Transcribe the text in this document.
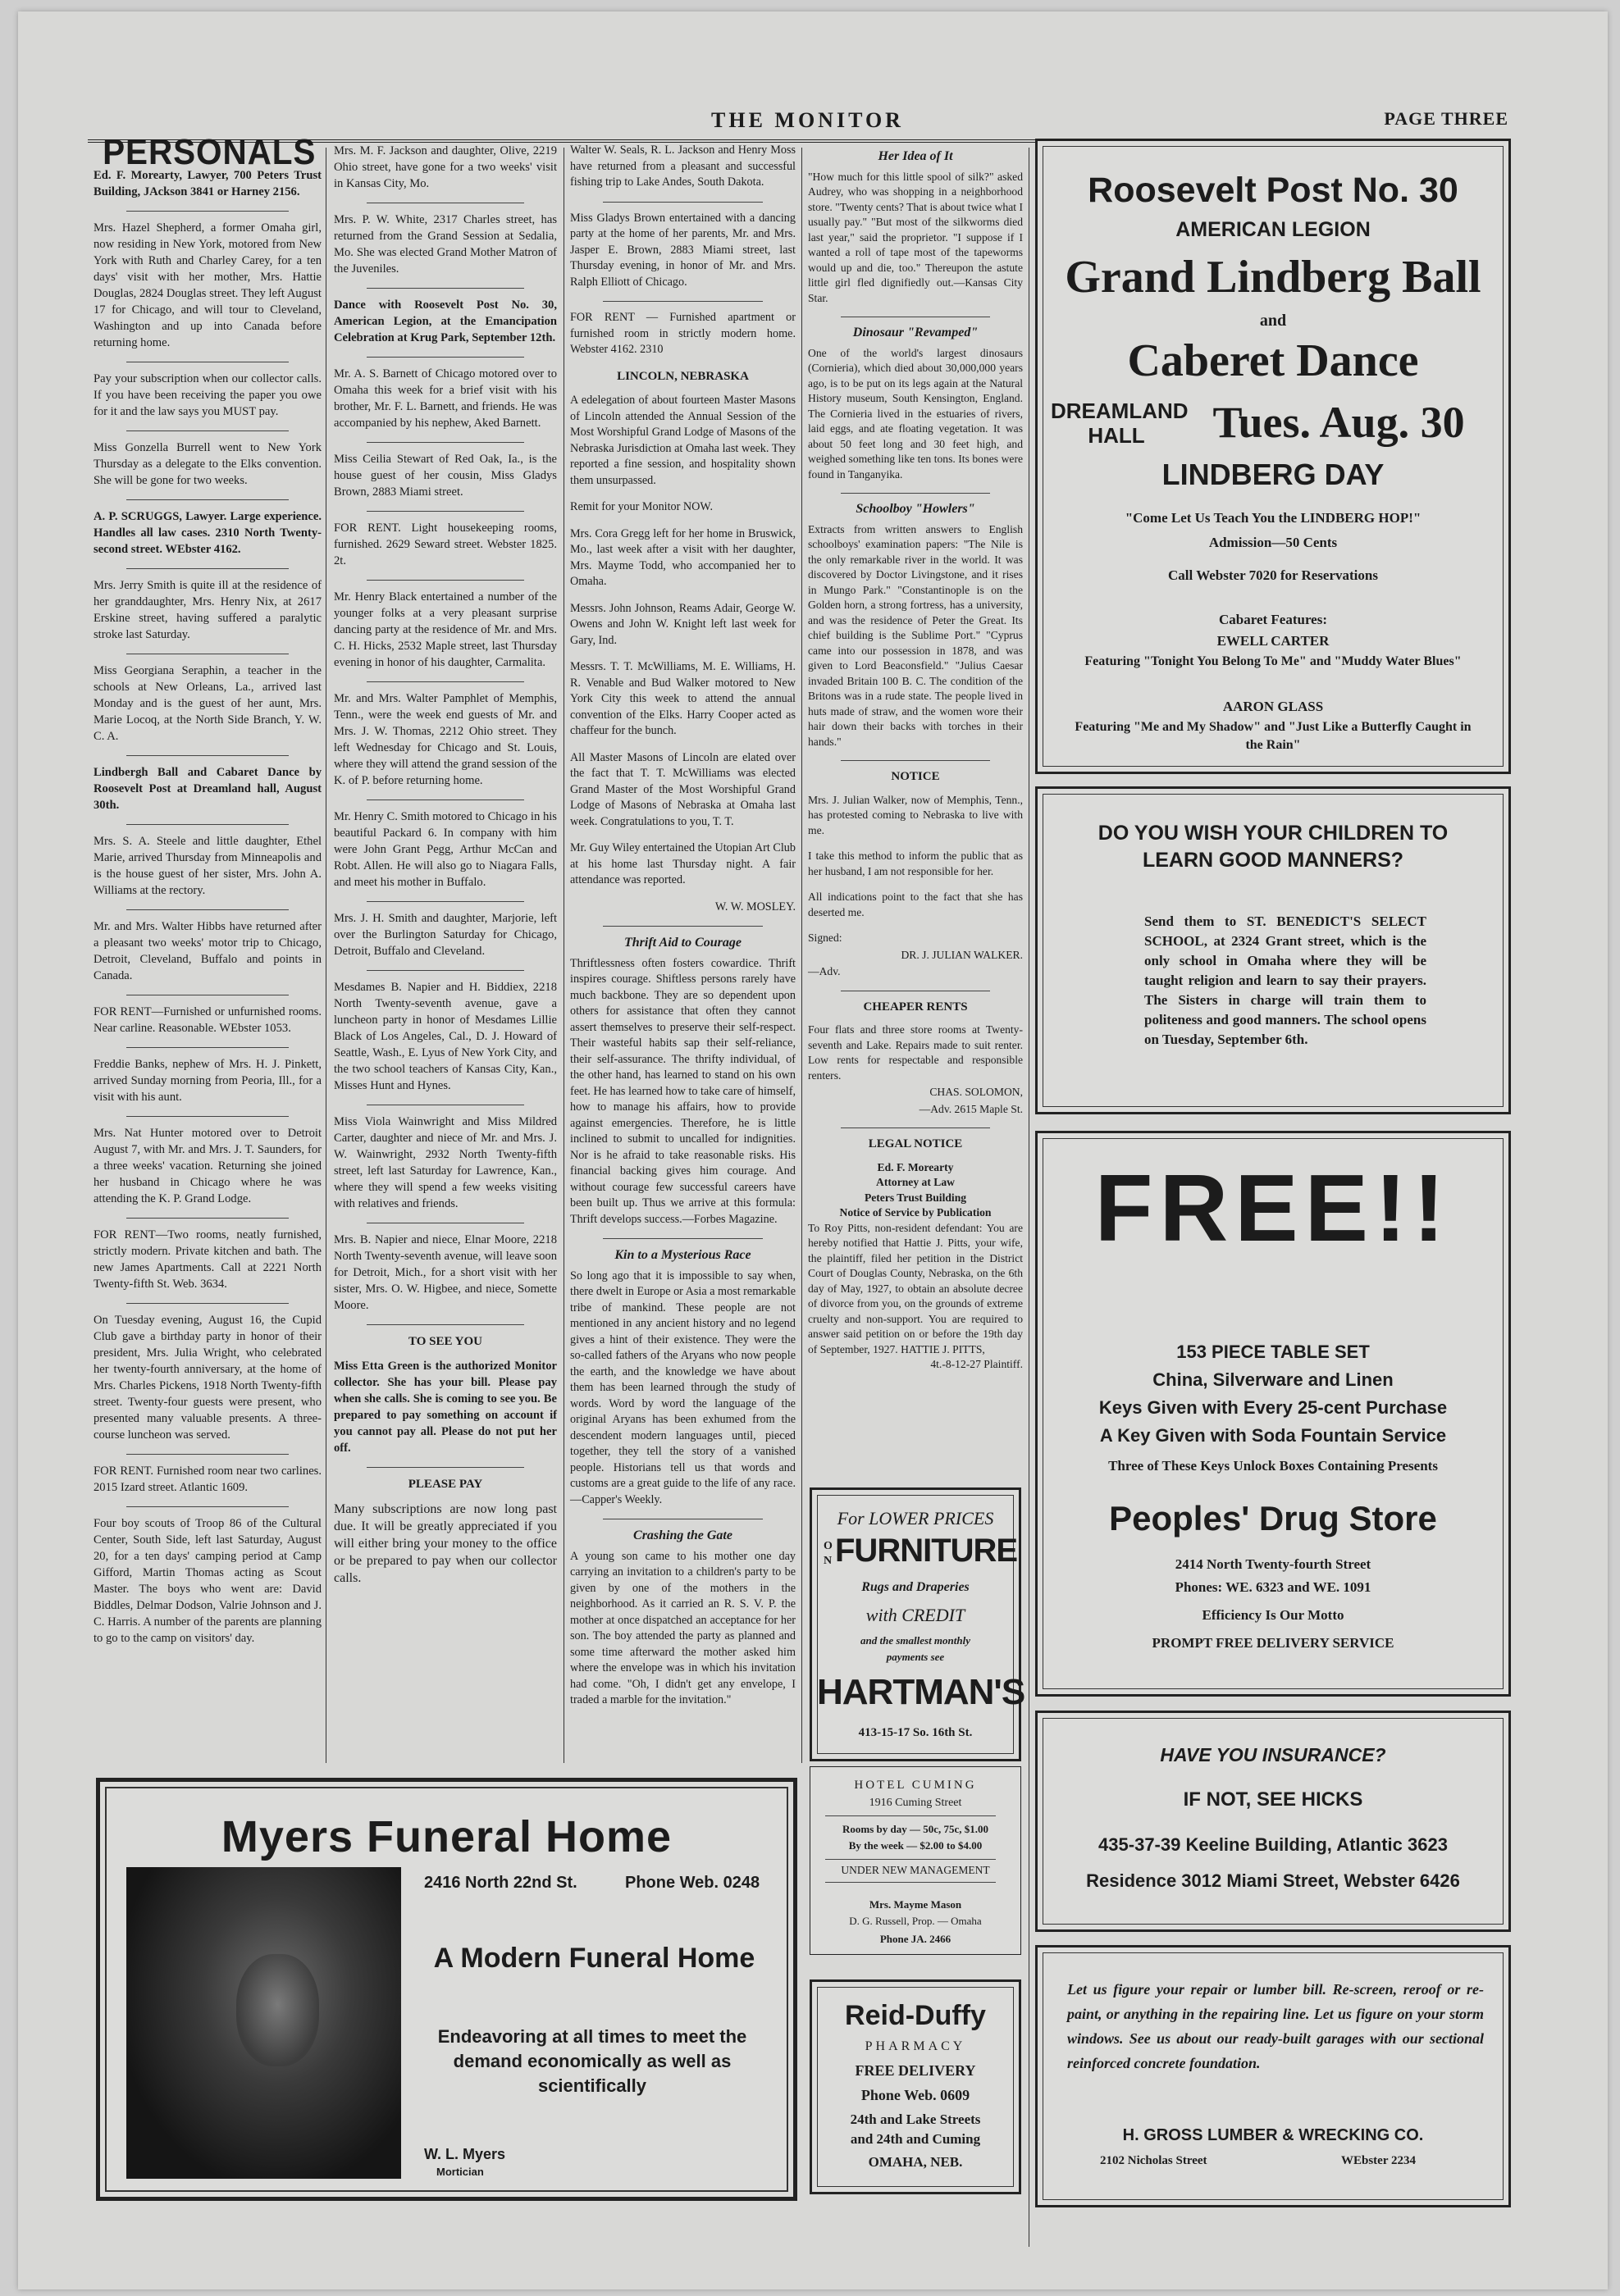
THE MONITOR	PAGE THREE
PERSONALS

Ed. F. Morearty, Lawyer, 700 Peters Trust Building, JAckson 3841 or Harney 2156.

Mrs. Hazel Shepherd, a former Omaha girl, now residing in New York, motored from New York with Ruth and Charley Carey, for a ten days' visit with her mother, Mrs. Hattie Douglas, 2824 Douglas street. They left August 17 for Chicago, and will tour to Cleveland, Washington and up into Canada before returning home.

Pay your subscription when our collector calls. If you have been receiving the paper you owe for it and the law says you MUST pay.

Miss Gonzella Burrell went to New York Thursday as a delegate to the Elks convention. She will be gone for two weeks.

A. P. SCRUGGS, Lawyer. Large experience. Handles all law cases. 2310 North Twenty-second street. WEbster 4162.

Mrs. Jerry Smith is quite ill at the residence of her granddaughter, Mrs. Henry Nix, at 2617 Erskine street, having suffered a paralytic stroke last Saturday.

Miss Georgiana Seraphin, a teacher in the schools at New Orleans, La., arrived last Monday and is the guest of her aunt, Mrs. Marie Locoq, at the North Side Branch, Y. W. C. A.

Lindbergh Ball and Cabaret Dance by Roosevelt Post at Dreamland hall, August 30th.

Mrs. S. A. Steele and little daughter, Ethel Marie, arrived Thursday from Minneapolis and is the house guest of her sister, Mrs. John A. Williams at the rectory.

Mr. and Mrs. Walter Hibbs have returned after a pleasant two weeks' motor trip to Chicago, Detroit, Cleveland, Buffalo and points in Canada.

FOR RENT—Furnished or unfurnished rooms. Near carline. Reasonable. WEbster 1053.

Freddie Banks, nephew of Mrs. H. J. Pinkett, arrived Sunday morning from Peoria, Ill., for a visit with his aunt.

Mrs. Nat Hunter motored over to Detroit August 7, with Mr. and Mrs. J. T. Saunders, for a three weeks' vacation. Returning she joined her husband in Chicago where he was attending the K. P. Grand Lodge.

FOR RENT—Two rooms, neatly furnished, strictly modern. Private kitchen and bath. The new James Apartments. Call at 2221 North Twenty-fifth St. Web. 3634.

On Tuesday evening, August 16, the Cupid Club gave a birthday party in honor of their president, Mrs. Julia Wright, who celebrated her twenty-fourth anniversary, at the home of Mrs. Charles Pickens, 1918 North Twenty-fifth street. Twenty-four guests were present, who presented many valuable presents. A three-course luncheon was served.

FOR RENT. Furnished room near two carlines. 2015 Izard street. Atlantic 1609.

Four boy scouts of Troop 86 of the Cultural Center, South Side, left last Saturday, August 20, for a ten days' camping period at Camp Gifford, Martin Thomas acting as Scout Master. The boys who went are: David Biddles, Delmar Dodson, Valrie Johnson and J. C. Harris. A number of the parents are planning to go to the camp on visitors' day.

Mrs. M. F. Jackson and daughter, Olive, 2219 Ohio street, have gone for a two weeks' visit in Kansas City, Mo.

Mrs. P. W. White, 2317 Charles street, has returned from the Grand Session at Sedalia, Mo. She was elected Grand Mother Matron of the Juveniles.

Dance with Roosevelt Post No. 30, American Legion, at the Emancipation Celebration at Krug Park, September 12th.

Mr. A. S. Barnett of Chicago motored over to Omaha this week for a brief visit with his brother, Mr. F. L. Barnett, and friends. He was accompanied by his nephew, Aked Barnett.

Miss Ceilia Stewart of Red Oak, Ia., is the house guest of her cousin, Miss Gladys Brown, 2883 Miami street.

FOR RENT. Light housekeeping rooms, furnished. 2629 Seward street. Webster 1825. 2t.

Mr. Henry Black entertained a number of the younger folks at a very pleasant surprise dancing party at the residence of Mr. and Mrs. C. H. Hicks, 2532 Maple street, last Thursday evening in honor of his daughter, Carmalita.

Mr. and Mrs. Walter Pamphlet of Memphis, Tenn., were the week end guests of Mr. and Mrs. J. W. Thomas, 2212 Ohio street. They left Wednesday for Chicago and St. Louis, where they will attend the grand session of the K. of P. before returning home.

Mr. Henry C. Smith motored to Chicago in his beautiful Packard 6. In company with him were John Grant Pegg, Arthur McCan and Robt. Allen. He will also go to Niagara Falls, and meet his mother in Buffalo.

Mrs. J. H. Smith and daughter, Marjorie, left over the Burlington Saturday for Chicago, Detroit, Buffalo and Cleveland.

Mesdames B. Napier and H. Biddiex, 2218 North Twenty-seventh avenue, gave a luncheon party in honor of Mesdames Lillie Black of Los Angeles, Cal., D. J. Howard of Seattle, Wash., E. Lyus of New York City, and the two school teachers of Kansas City, Kan., Misses Hunt and Hynes.

Miss Viola Wainwright and Miss Mildred Carter, daughter and niece of Mr. and Mrs. J. W. Wainwright, 2932 North Twenty-fifth street, left last Saturday for Lawrence, Kan., where they will spend a few weeks visiting with relatives and friends.

Mrs. B. Napier and niece, Elnar Moore, 2218 North Twenty-seventh avenue, will leave soon for Detroit, Mich., for a short visit with her sister, Mrs. O. W. Higbee, and niece, Somette Moore.

TO SEE YOU

Miss Etta Green is the authorized Monitor collector. She has your bill. Please pay when she calls. She is coming to see you. Be prepared to pay something on account if you cannot pay all. Please do not put her off.

PLEASE PAY

Many subscriptions are now long past due. It will be greatly appreciated if you will either bring your money to the office or be prepared to pay when our collector calls.

Walter W. Seals, R. L. Jackson and Henry Moss have returned from a pleasant and successful fishing trip to Lake Andes, South Dakota.

Miss Gladys Brown entertained with a dancing party at the home of her parents, Mr. and Mrs. Jasper E. Brown, 2883 Miami street, last Thursday evening, in honor of Mr. and Mrs. Ralph Elliott of Chicago.

FOR RENT — Furnished apartment or furnished room in strictly modern home. Webster 4162. 2310

LINCOLN, NEBRASKA

A edelegation of about fourteen Master Masons of Lincoln attended the Annual Session of the Most Worshipful Grand Lodge of Masons of the Nebraska Jurisdiction at Omaha last week. They reported a fine session, and hospitality shown them unsurpassed.

Remit for your Monitor NOW.

Mrs. Cora Gregg left for her home in Bruswick, Mo., last week after a visit with her daughter, Mrs. Mayme Todd, who accompanied her to Omaha.

Messrs. John Johnson, Reams Adair, George W. Owens and John W. Knight left last week for Gary, Ind.

Messrs. T. T. McWilliams, M. E. Williams, H. R. Venable and Bud Walker motored to New York City this week to attend the annual convention of the Elks. Harry Cooper acted as chaffeur for the bunch.

All Master Masons of Lincoln are elated over the fact that T. T. McWilliams was elected Grand Master of the Most Worshipful Grand Lodge of Masons of Nebraska at Omaha last week. Congratulations to you, T. T.

Mr. Guy Wiley entertained the Utopian Art Club at his home last Thursday night. A fair attendance was reported.

W. W. MOSLEY.

Thrift Aid to Courage

Thriftlessness often fosters cowardice. Thrift inspires courage. Shiftless persons rarely have much backbone. They are so dependent upon others for assistance that often they cannot assert themselves to preserve their self-respect. Their wasteful habits sap their self-reliance, their self-assurance. The thrifty individual, of the other hand, has learned to stand on his own feet. He has learned how to take care of himself, how to manage his affairs, how to provide against emergencies. Therefore, he is little inclined to submit to uncalled for indignities. Nor is he afraid to take reasonable risks. His financial backing gives him courage. And without courage few successful careers have been built up. Thus we arrive at this formula: Thrift develops success.—Forbes Magazine.

Kin to a Mysterious Race

So long ago that it is impossible to say when, there dwelt in Europe or Asia a most remarkable tribe of mankind. These people are not mentioned in any ancient history and no legend gives a hint of their existence. They were the so-called fathers of the Aryans who now people the earth, and the knowledge we have about them has been learned through the study of words. Word by word the language of the original Aryans has been exhumed from the descendent modern languages until, pieced together, they tell the story of a vanished people. Historians tell us that words and customs are a great guide to the life of any race.—Capper's Weekly.

Crashing the Gate

A young son came to his mother one day carrying an invitation to a children's party to be given by one of the mothers in the neighborhood. As it carried an R. S. V. P. the mother at once dispatched an acceptance for her son. The boy attended the party as planned and some time afterward the mother asked him where the envelope was in which his invitation had come. "Oh, I didn't get any envelope, I traded a marble for the invitation."

Her Idea of It

"How much for this little spool of silk?" asked Audrey, who was shopping in a neighborhood store. "Twenty cents? That is about twice what I usually pay." "But most of the silkworms died last year," said the proprietor. "I suppose if I wanted a roll of tape most of the tapeworms would up and die, too." Thereupon the astute little girl fled dignifiedly out.—Kansas City Star.

Dinosaur "Revamped"

One of the world's largest dinosaurs (Cornieria), which died about 30,000,000 years ago, is to be put on its legs again at the Natural History museum, South Kensington, England. The Cornieria lived in the estuaries of rivers, laid eggs, and ate floating vegetation. It was about 50 feet long and 30 feet high, and weighed something like ten tons. Its bones were found in Tanganyika.

Schoolboy "Howlers"

Extracts from written answers to English schoolboys' examination papers: "The Nile is the only remarkable river in the world. It was discovered by Doctor Livingstone, and it rises in Mungo Park." "Constantinople is on the Golden horn, a strong fortress, has a university, and was the residence of Peter the Great. Its chief building is the Sublime Port." "Cyprus came into our possession in 1878, and was given to Lord Beaconsfield." "Julius Caesar invaded Britain 100 B. C. The condition of the Britons was in a rude state. The people lived in huts made of straw, and the women wore their hair down their backs with torches in their hands."

NOTICE

Mrs. J. Julian Walker, now of Memphis, Tenn., has protested coming to Nebraska to live with me.

I take this method to inform the public that as her husband, I am not responsible for her.

All indications point to the fact that she has deserted me.

Signed:

DR. J. JULIAN WALKER.

—Adv.

CHEAPER RENTS

Four flats and three store rooms at Twenty-seventh and Lake. Repairs made to suit renter. Low rents for respectable and responsible renters.

CHAS. SOLOMON,

—Adv. 2615 Maple St.

LEGAL NOTICE
Ed. F. Morearty
Attorney at Law
Peters Trust Building
Notice of Service by Publication

To Roy Pitts, non-resident defendant: You are hereby notified that Hattie J. Pitts, your wife, the plaintiff, filed her petition in the District Court of Douglas County, Nebraska, on the 6th day of May, 1927, to obtain an absolute decree of divorce from you, on the grounds of extreme cruelty and non-support. You are required to answer said petition on or before the 19th day of September, 1927. HATTIE J. PITTS,

4t.-8-12-27 Plaintiff.

For LOWER PRICES
ON FURNITURE
Rugs and Draperies
with CREDIT
and the smallest monthly
payments see
HARTMAN'S
413-15-17 So. 16th St.
HOTEL CUMING
1916 Cuming Street
Rooms by day — 50c, 75c, $1.00
By the week — $2.00 to $4.00
UNDER NEW MANAGEMENT
Mrs. Mayme Mason
D. G. Russell, Prop. — Omaha
Phone JA. 2466
Reid-Duffy
PHARMACY
FREE DELIVERY
Phone Web. 0609
24th and Lake Streets
and 24th and Cuming
OMAHA, NEB.
Roosevelt Post No. 30
AMERICAN LEGION
Grand Lindberg Ball
and
Caberet Dance
DREAMLAND
HALL	Tues. Aug. 30
LINDBERG DAY
"Come Let Us Teach You the LINDBERG HOP!"
Admission—50 Cents
Call Webster 7020 for Reservations
Cabaret Features:
EWELL CARTER
Featuring "Tonight You Belong To Me" and "Muddy Water Blues"
AARON GLASS
Featuring "Me and My Shadow" and "Just Like a Butterfly Caught in the Rain"
DO YOU WISH YOUR CHILDREN TO LEARN GOOD MANNERS?
Send them to ST. BENEDICT'S SELECT SCHOOL, at 2324 Grant street, which is the only school in Omaha where they will be taught religion and learn to say their prayers. The Sisters in charge will train them to politeness and good manners. The school opens on Tuesday, September 6th.
FREE!!
153 PIECE TABLE SET
China, Silverware and Linen
Keys Given with Every 25-cent Purchase
A Key Given with Soda Fountain Service
Three of These Keys Unlock Boxes Containing Presents
Peoples' Drug Store
2414 North Twenty-fourth Street
Phones: WE. 6323 and WE. 1091
Efficiency Is Our Motto
PROMPT FREE DELIVERY SERVICE
HAVE YOU INSURANCE?
IF NOT, SEE HICKS
435-37-39 Keeline Building, Atlantic 3623
Residence 3012 Miami Street, Webster 6426
Let us figure your repair or lumber bill. Re-screen, reroof or re-paint, or anything in the repairing line. Let us figure on your storm windows. See us about our ready-built garages with our sectional reinforced concrete foundation.
H. GROSS LUMBER & WRECKING CO.
2102 Nicholas Street	WEbster 2234
Myers Funeral Home
2416 North 22nd St.	Phone Web. 0248
A Modern Funeral Home
Endeavoring at all times to meet the demand economically as well as scientifically
W. L. Myers
Mortician
